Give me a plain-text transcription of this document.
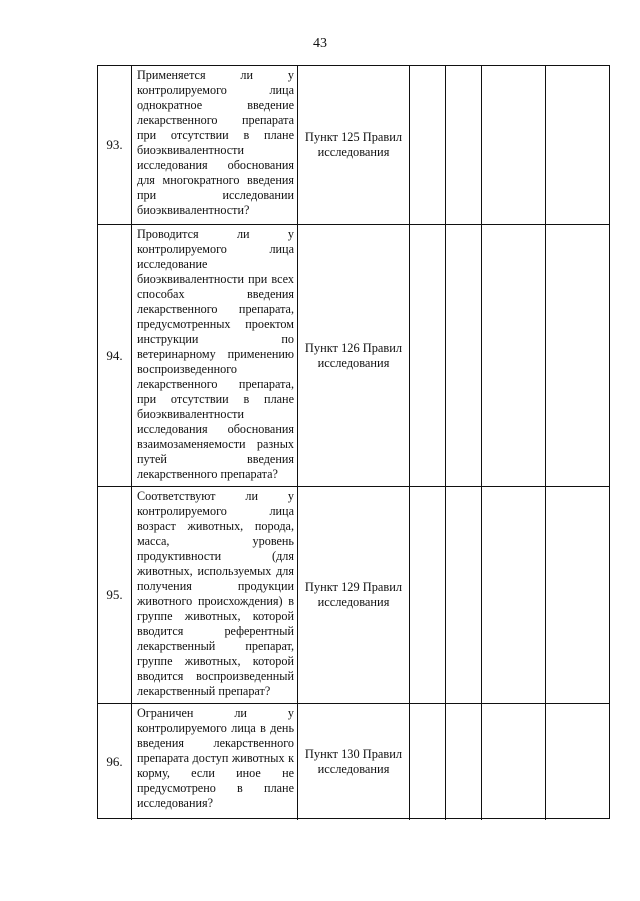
43
93.
Применяется ли у контролируемого лица однократное введение лекарственного препарата при отсутствии в плане биоэквивалентности исследования обоснования для многократного введения при исследовании биоэквивалентности?
Пункт 125 Правил исследования
94.
Проводится ли у контролируемого лица исследование биоэквивалентности при всех способах введения лекарственного препарата, предусмотренных проектом инструкции по ветеринарному применению воспроизведенного лекарственного препарата, при отсутствии в плане биоэквивалентности исследования обоснования взаимозаменяемости разных путей введения лекарственного препарата?
Пункт 126 Правил исследования
95.
Соответствуют ли у контролируемого лица возраст животных, порода, масса, уровень продуктивности (для животных, используемых для получения продукции животного происхождения) в группе животных, которой вводится референтный лекарственный препарат, группе животных, которой вводится воспроизведенный лекарственный препарат?
Пункт 129 Правил исследования
96.
Ограничен ли у контролируемого лица в день введения лекарственного препарата доступ животных к корму, если иное не предусмотрено в плане исследования?
Пункт 130 Правил исследования
